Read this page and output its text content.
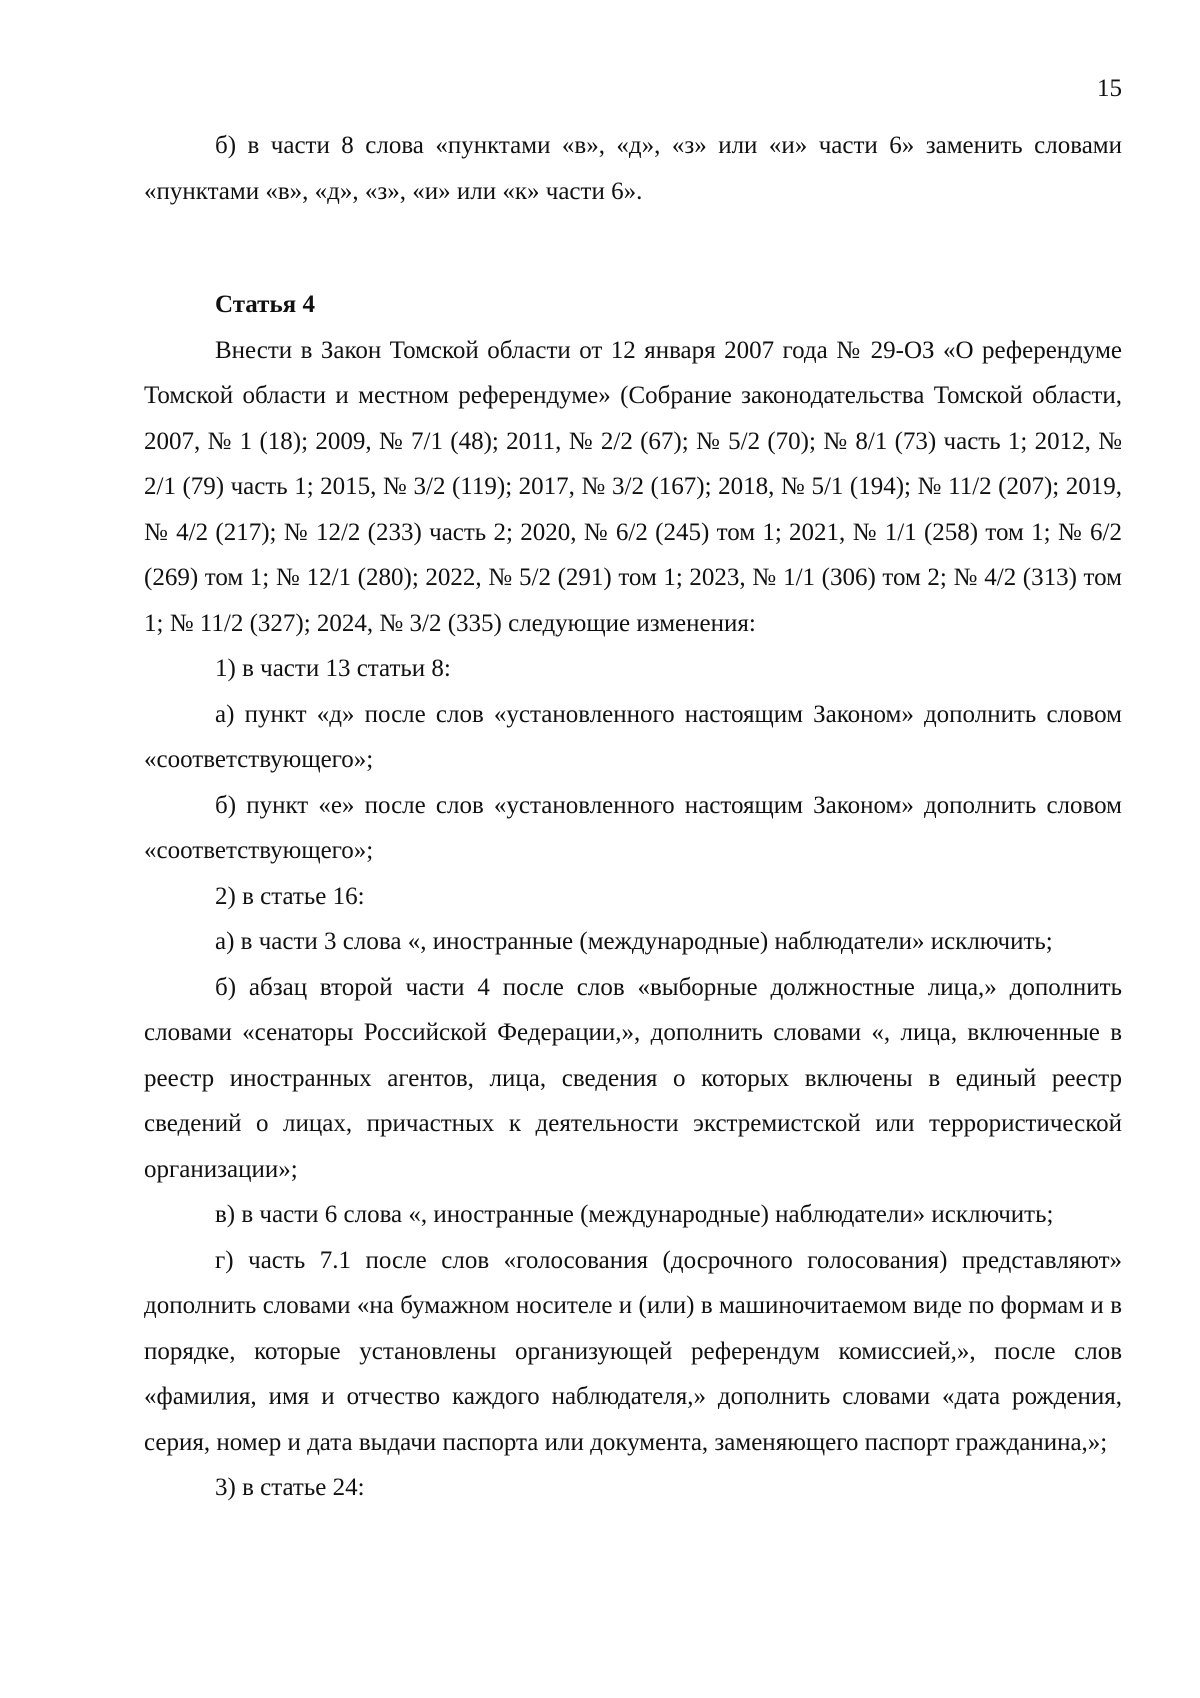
15

б) в части 8 слова «пунктами «в», «д», «з» или «и» части 6» заменить словами «пунктами «в», «д», «з», «и» или «к» части 6».

Статья 4

Внести в Закон Томской области от 12 января 2007 года № 29-ОЗ «О референдуме Томской области и местном референдуме» (Собрание законодательства Томской области, 2007, № 1 (18); 2009, № 7/1 (48); 2011, № 2/2 (67); № 5/2 (70); № 8/1 (73) часть 1; 2012, № 2/1 (79) часть 1; 2015, № 3/2 (119); 2017, № 3/2 (167); 2018, № 5/1 (194); № 11/2 (207); 2019, № 4/2 (217); № 12/2 (233) часть 2; 2020, № 6/2 (245) том 1; 2021, № 1/1 (258) том 1; № 6/2 (269) том 1; № 12/1 (280); 2022, № 5/2 (291) том 1; 2023, № 1/1 (306) том 2; № 4/2 (313) том 1; № 11/2 (327); 2024, № 3/2 (335) следующие изменения:

1) в части 13 статьи 8:

а) пункт «д» после слов «установленного настоящим Законом» дополнить словом «соответствующего»;

б) пункт «е» после слов «установленного настоящим Законом» дополнить словом «соответствующего»;

2) в статье 16:

а) в части 3 слова «, иностранные (международные) наблюдатели» исключить;

б) абзац второй части 4 после слов «выборные должностные лица,» дополнить словами «сенаторы Российской Федерации,», дополнить словами «, лица, включенные в реестр иностранных агентов, лица, сведения о которых включены в единый реестр сведений о лицах, причастных к деятельности экстремистской или террористической организации»;

в) в части 6 слова «, иностранные (международные) наблюдатели» исключить;

г) часть 7.1 после слов «голосования (досрочного голосования) представляют» дополнить словами «на бумажном носителе и (или) в машиночитаемом виде по формам и в порядке, которые установлены организующей референдум комиссией,», после слов «фамилия, имя и отчество каждого наблюдателя,» дополнить словами «дата рождения, серия, номер и дата выдачи паспорта или документа, заменяющего паспорт гражданина,»;

3) в статье 24:
